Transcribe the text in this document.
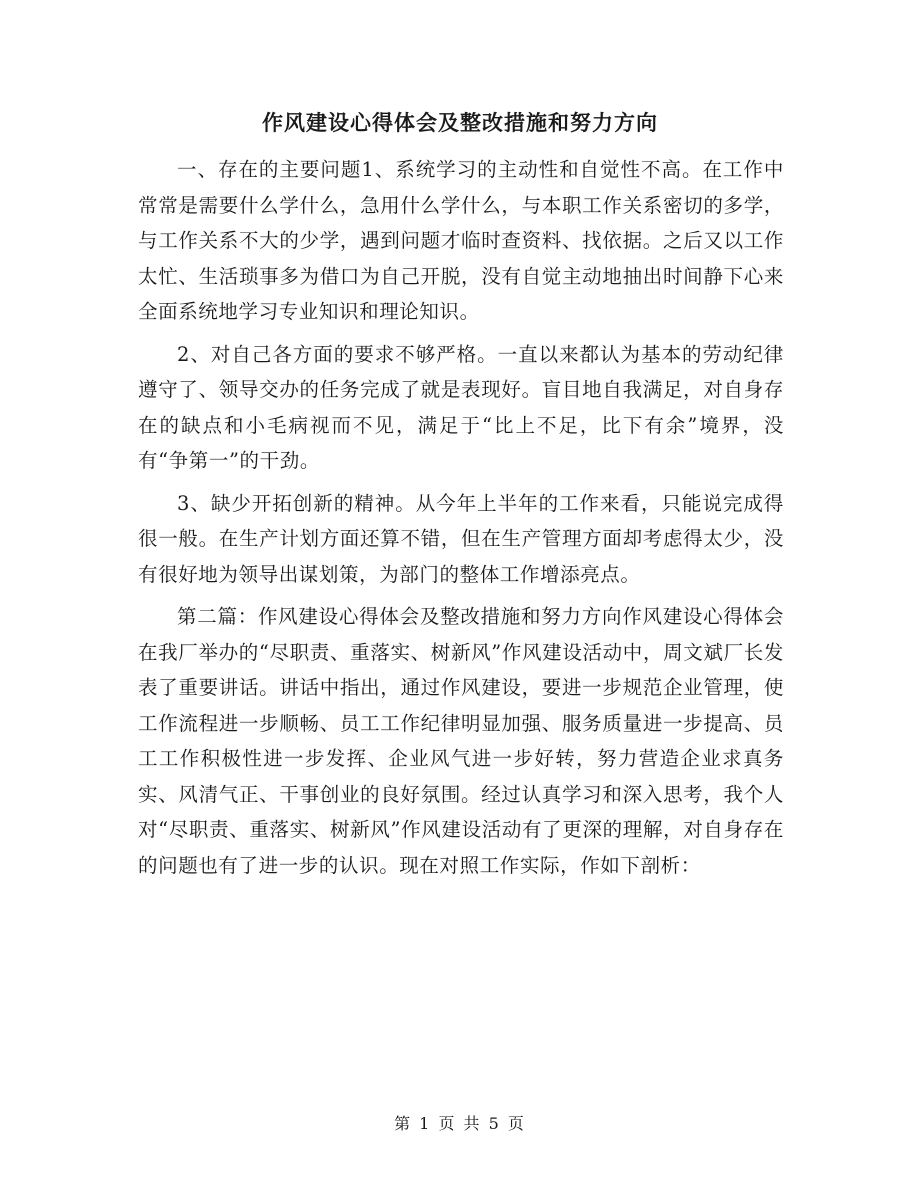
作风建设心得体会及整改措施和努力方向

一、存在的主要问题1、系统学习的主动性和自觉性不高。在工作中常常是需要什么学什么，急用什么学什么，与本职工作关系密切的多学，与工作关系不大的少学，遇到问题才临时查资料、找依据。之后又以工作太忙、生活琐事多为借口为自己开脱，没有自觉主动地抽出时间静下心来全面系统地学习专业知识和理论知识。

2、对自己各方面的要求不够严格。一直以来都认为基本的劳动纪律遵守了、领导交办的任务完成了就是表现好。盲目地自我满足，对自身存在的缺点和小毛病视而不见，满足于“比上不足，比下有余”境界，没有“争第一”的干劲。

3、缺少开拓创新的精神。从今年上半年的工作来看，只能说完成得很一般。在生产计划方面还算不错，但在生产管理方面却考虑得太少，没有很好地为领导出谋划策，为部门的整体工作增添亮点。

第二篇：作风建设心得体会及整改措施和努力方向作风建设心得体会在我厂举办的“尽职责、重落实、树新风”作风建设活动中，周文斌厂长发表了重要讲话。讲话中指出，通过作风建设，要进一步规范企业管理，使工作流程进一步顺畅、员工工作纪律明显加强、服务质量进一步提高、员工工作积极性进一步发挥、企业风气进一步好转，努力营造企业求真务实、风清气正、干事创业的良好氛围。经过认真学习和深入思考，我个人对“尽职责、重落实、树新风”作风建设活动有了更深的理解，对自身存在的问题也有了进一步的认识。现在对照工作实际，作如下剖析：

第 1 页 共 5 页
